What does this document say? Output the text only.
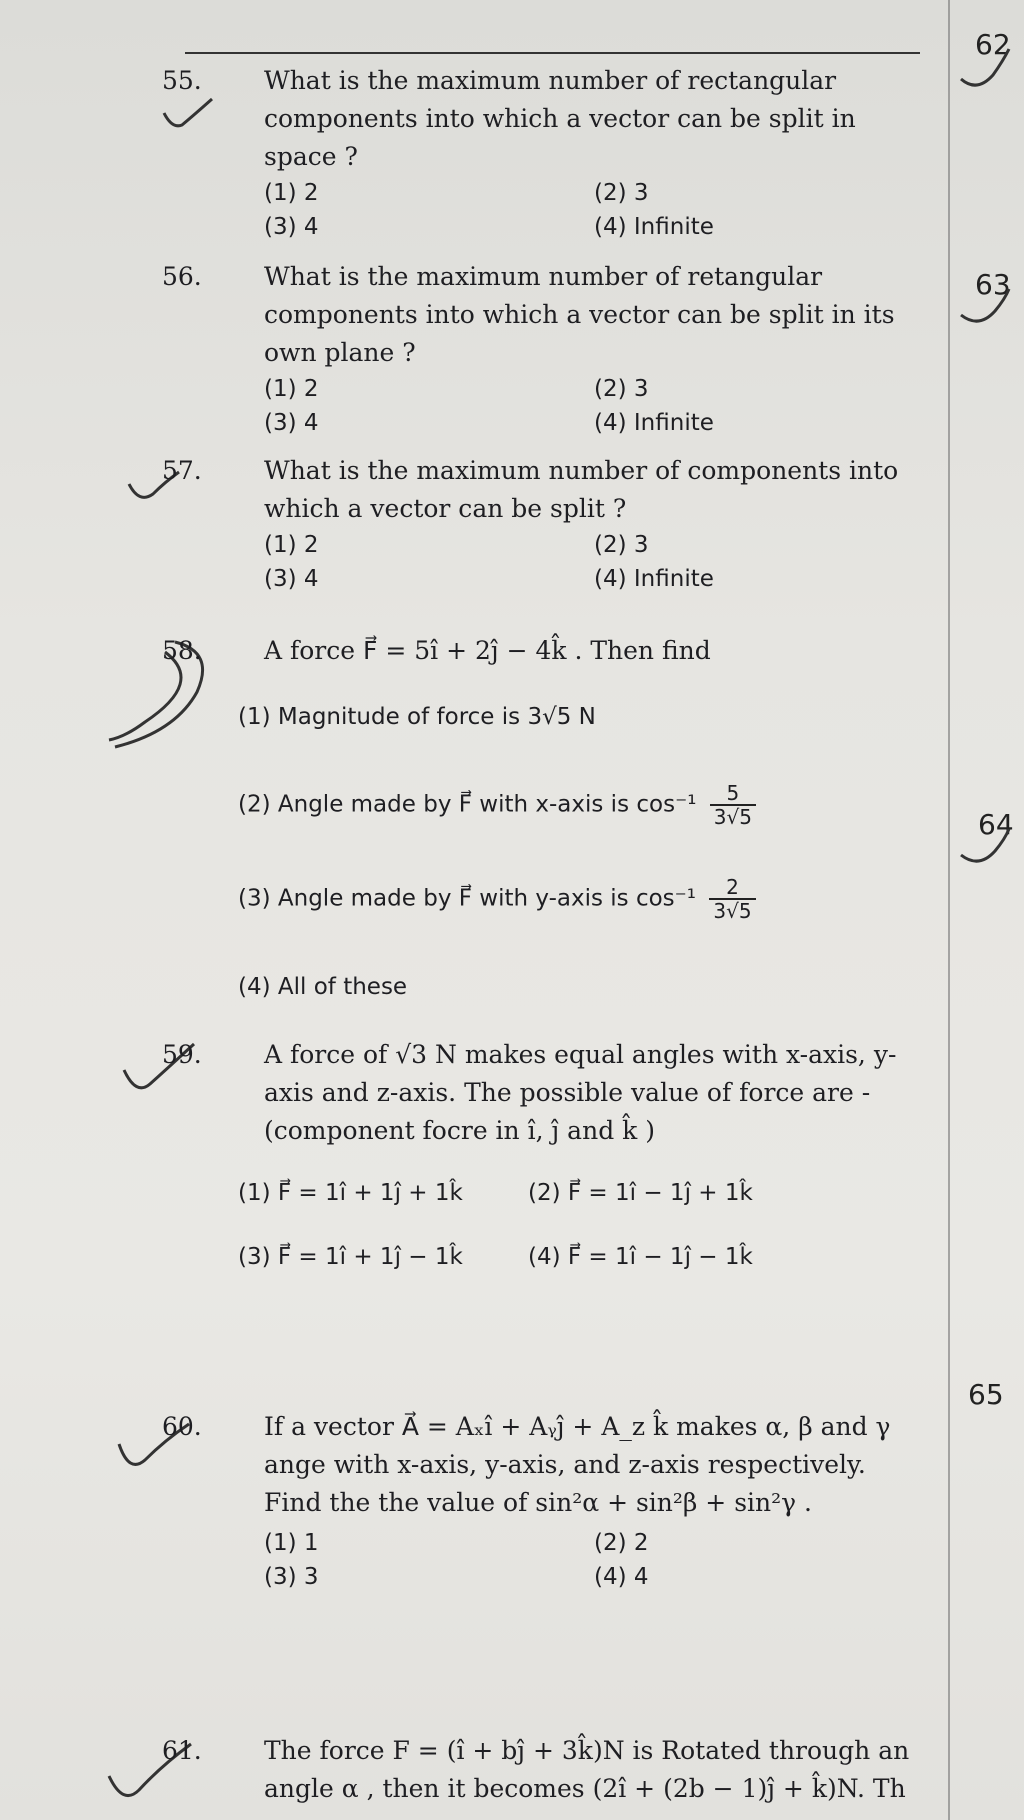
62
63
64
65
55.	What is the maximum number of rectangular components into which a vector can be split in space ?
(1) 2	(2) 3
(3) 4	(4) Infinite
56.	What is the maximum number of retangular components into which a vector can be split in its own plane ?
(1) 2	(2) 3
(3) 4	(4) Infinite
57.	What is the maximum number of components into which a vector can be split ?
(1) 2	(2) 3
(3) 4	(4) Infinite
58.	A force F⃗ = 5î + 2ĵ − 4k̂ . Then find
(1) Magnitude of force is 3√5 N
(2) Angle made by F⃗ with x-axis is $\cos^{-1} \frac{5}{3√5}$
(3) Angle made by F⃗ with y-axis is $\cos^{-1} \frac{2}{3√5}$
(4) All of these
59.	A force of √3 N makes equal angles with x-axis, y-axis and z-axis. The possible value of force are - (component focre in î, ĵ and k̂ )
(1) F⃗ = 1î + 1ĵ + 1k̂	(2) F⃗ = 1î − 1ĵ + 1k̂
(3) F⃗ = 1î + 1ĵ − 1k̂	(4) F⃗ = 1î − 1ĵ − 1k̂
60.	If a vector A⃗ = Aₓî + Aᵧĵ + A_z k̂ makes α, β and γ ange with x-axis, y-axis, and z-axis respectively. Find the the value of sin²α + sin²β + sin²γ .
(1) 1	(2) 2
(3) 3	(4) 4
61.	The force F = (î + bĵ + 3k̂)N is Rotated through an angle α , then it becomes (2î + (2b − 1)ĵ + k̂)N. Th
